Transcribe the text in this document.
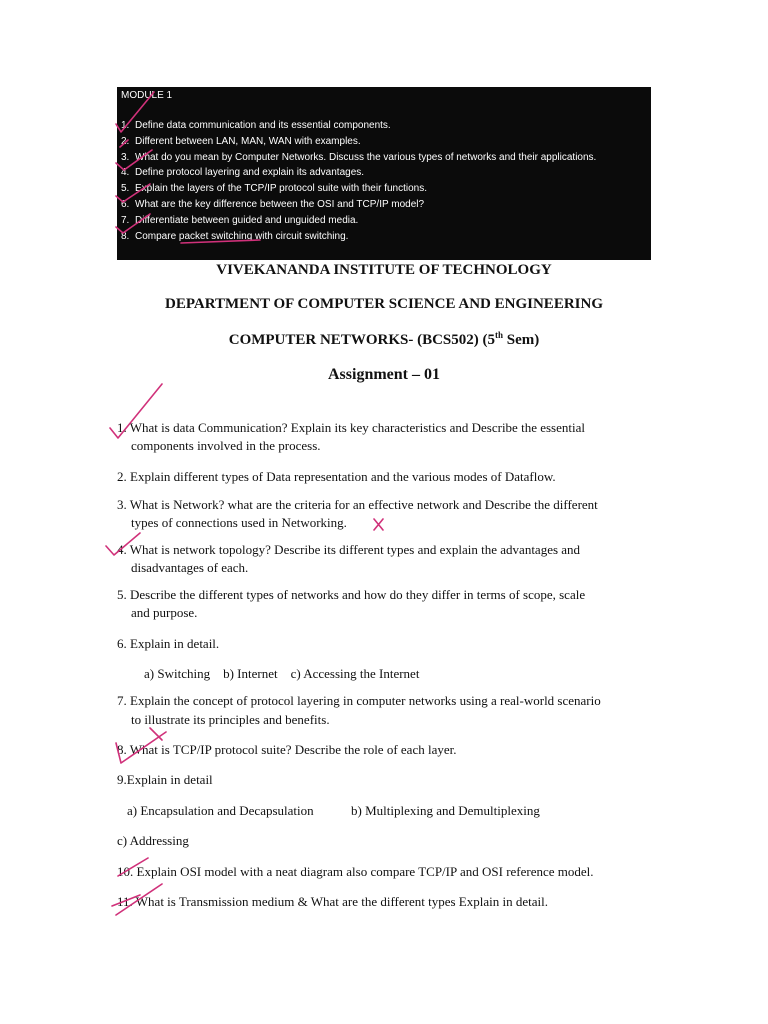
MODULE 1
1. Define data communication and its essential components.
2. Different between LAN, MAN, WAN with examples.
3. What do you mean by Computer Networks. Discuss the various types of networks and their applications.
4. Define protocol layering and explain its advantages.
5. Explain the layers of the TCP/IP protocol suite with their functions.
6. What are the key difference between the OSI and TCP/IP model?
7. Differentiate between guided and unguided media.
8. Compare packet switching with circuit switching.
VIVEKANANDA INSTITUTE OF TECHNOLOGY
DEPARTMENT OF COMPUTER SCIENCE AND ENGINEERING
COMPUTER NETWORKS- (BCS502) (5th Sem)
Assignment – 01
1. What is data Communication? Explain its key characteristics and Describe the essential
components involved in the process.
2. Explain different types of Data representation and the various modes of Dataflow.
3. What is Network? what are the criteria for an effective network and Describe the different
types of connections used in Networking.
4. What is network topology? Describe its different types and explain the advantages and
disadvantages of each.
5. Describe the different types of networks and how do they differ in terms of scope, scale
and purpose.
6. Explain in detail.
a) Switching    b) Internet    c) Accessing the Internet
7. Explain the concept of protocol layering in computer networks using a real-world scenario
to illustrate its principles and benefits.
8. What is TCP/IP protocol suite? Describe the role of each layer.
9.Explain in detail
a) Encapsulation and Decapsulation	b) Multiplexing and Demultiplexing
c) Addressing
10. Explain OSI model with a neat diagram also compare TCP/IP and OSI reference model.
11. What is Transmission medium & What are the different types Explain in detail.
